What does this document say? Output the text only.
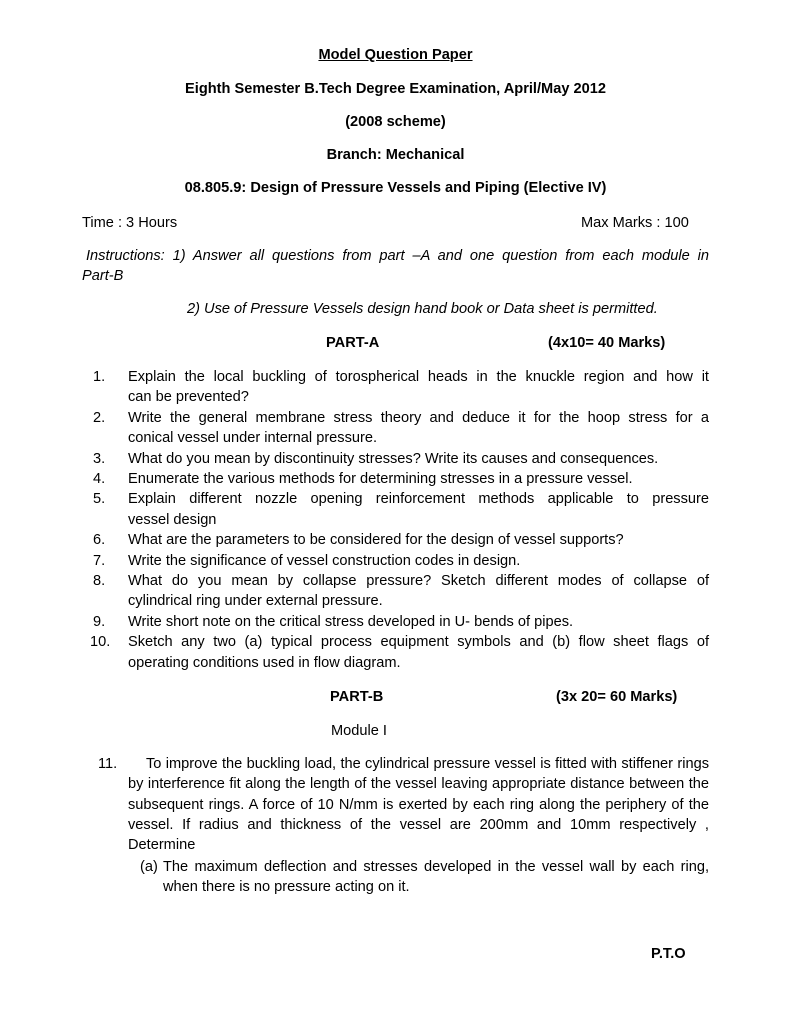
Model Question Paper
Eighth Semester B.Tech Degree Examination, April/May 2012
(2008 scheme)
Branch: Mechanical
08.805.9: Design of Pressure Vessels and Piping (Elective IV)
Time : 3 Hours	Max Marks : 100
Instructions: 1) Answer all questions from part –A and one question from each module in
Part-B
2) Use of Pressure Vessels design hand book or Data sheet is permitted.
PART-A	(4x10= 40 Marks)
1. Explain the local buckling of torospherical heads in the knuckle region and how it
can be prevented?
2. Write the general membrane stress theory and deduce it for the hoop stress for a
conical vessel under internal pressure.
3. What do you mean by discontinuity stresses? Write its causes and consequences.
4. Enumerate the various methods for determining stresses in a pressure vessel.
5. Explain different nozzle opening reinforcement methods applicable to pressure
vessel design
6. What are the parameters to be considered for the design of vessel supports?
7. Write the significance of vessel construction codes in design.
8. What do you mean by collapse pressure? Sketch different modes of collapse of
cylindrical ring under external pressure.
9. Write short note on the critical stress developed in U- bends of pipes.
10. Sketch any two (a) typical process equipment symbols and (b) flow sheet flags of
operating conditions used in flow diagram.
PART-B	(3x 20= 60 Marks)
Module I
11.	To improve the buckling load, the cylindrical pressure vessel is fitted with stiffener rings by interference fit along the length of the vessel leaving appropriate distance between the subsequent rings. A force of 10 N/mm is exerted by each ring along the periphery of the vessel. If radius and thickness of the vessel are 200mm and 10mm respectively , Determine
(a) The maximum deflection and stresses developed in the vessel wall by each ring, when there is no pressure acting on it.
P.T.O
